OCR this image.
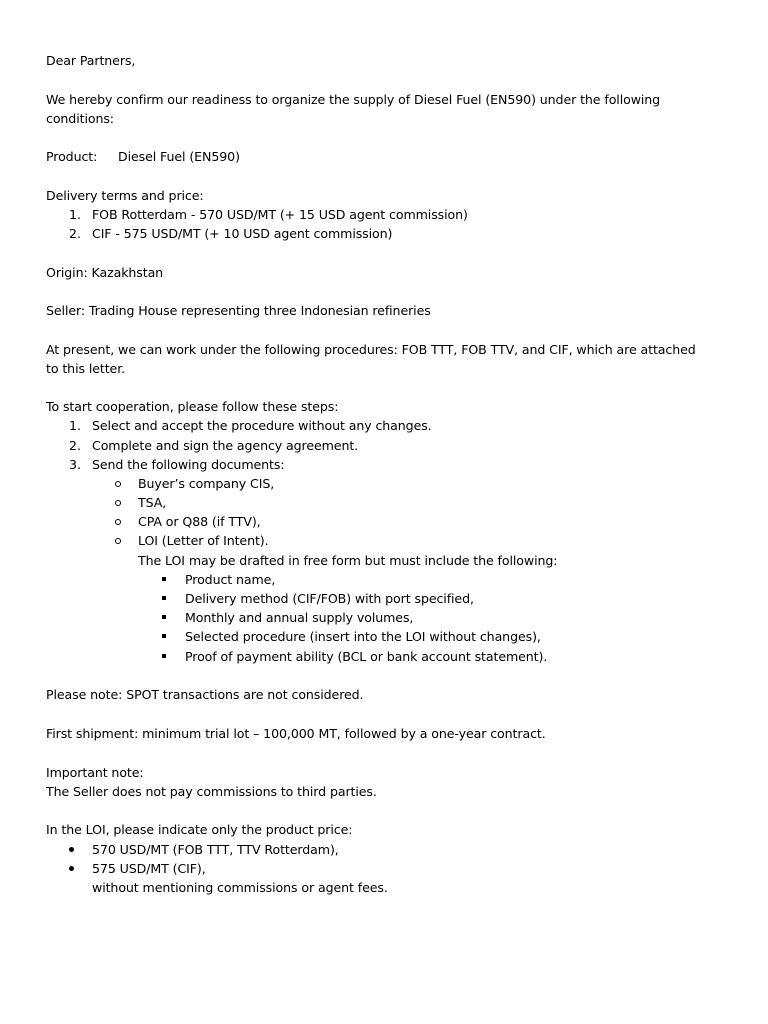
Dear Partners,
We hereby confirm our readiness to organize the supply of Diesel Fuel (EN590) under the following
conditions:
Product: Diesel Fuel (EN590)
Delivery terms and price:
1. FOB Rotterdam - 570 USD/MT (+ 15 USD agent commission)
2. CIF - 575 USD/MT (+ 10 USD agent commission)
Origin: Kazakhstan
Seller: Trading House representing three Indonesian refineries
At present, we can work under the following procedures: FOB TTT, FOB TTV, and CIF, which are attached
to this letter.
To start cooperation, please follow these steps:
1. Select and accept the procedure without any changes.
2. Complete and sign the agency agreement.
3. Send the following documents:
Buyer’s company CIS,
TSA,
CPA or Q88 (if TTV),
LOI (Letter of Intent).
The LOI may be drafted in free form but must include the following:
Product name,
Delivery method (CIF/FOB) with port specified,
Monthly and annual supply volumes,
Selected procedure (insert into the LOI without changes),
Proof of payment ability (BCL or bank account statement).
Please note: SPOT transactions are not considered.
First shipment: minimum trial lot – 100,000 MT, followed by a one-year contract.
Important note:
The Seller does not pay commissions to third parties.
In the LOI, please indicate only the product price:
570 USD/MT (FOB TTT, TTV Rotterdam),
575 USD/MT (CIF),
without mentioning commissions or agent fees.
